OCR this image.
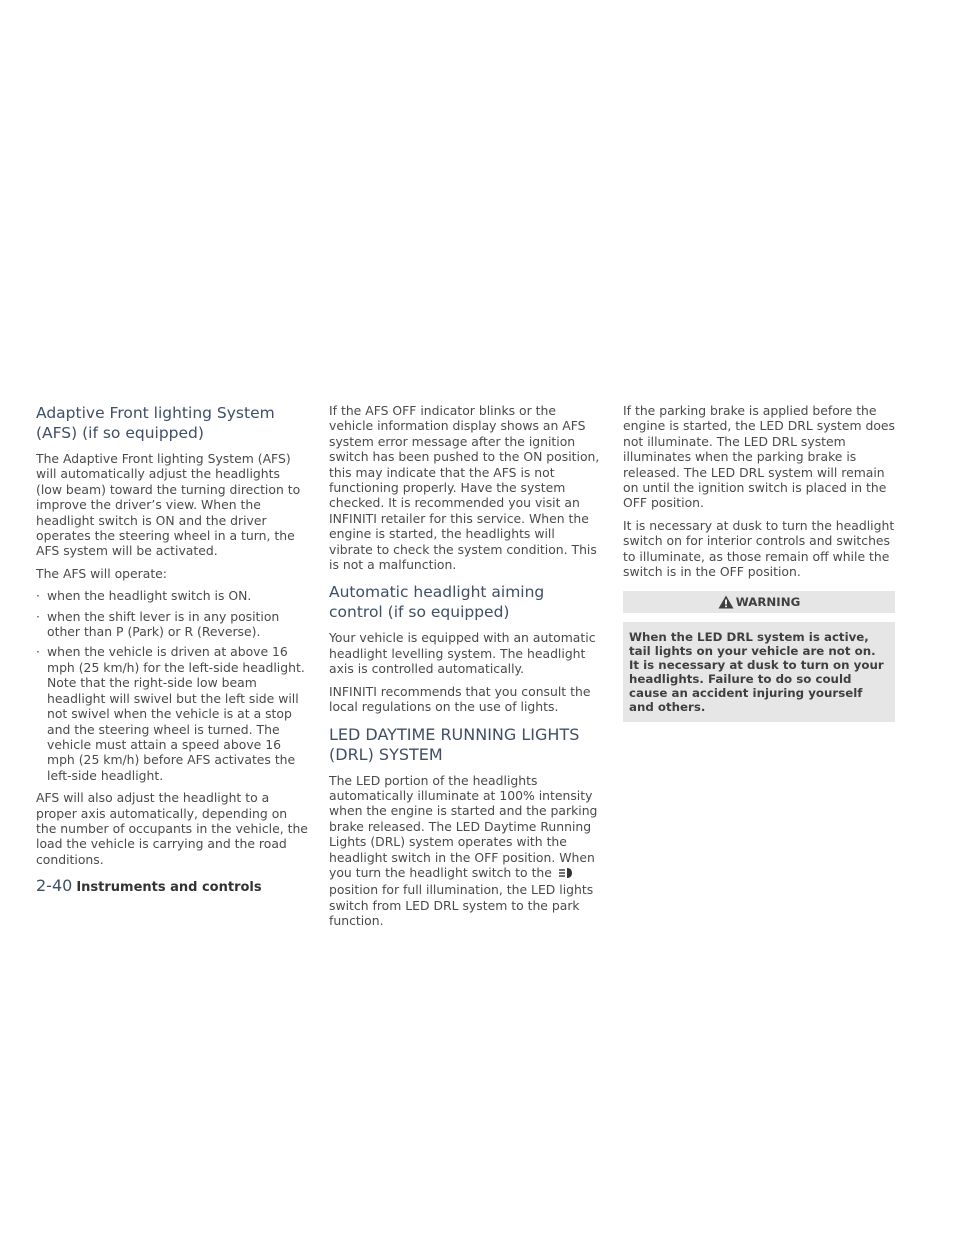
Adaptive Front lighting System (AFS) (if so equipped)

The Adaptive Front lighting System (AFS) will automatically adjust the headlights (low beam) toward the turning direction to improve the driver’s view. When the headlight switch is ON and the driver operates the steering wheel in a turn, the AFS system will be activated.

The AFS will operate:

· when the headlight switch is ON.
· when the shift lever is in any position other than P (Park) or R (Reverse).
· when the vehicle is driven at above 16 mph (25 km/h) for the left-side headlight. Note that the right-side low beam headlight will swivel but the left side will not swivel when the vehicle is at a stop and the steering wheel is turned. The vehicle must attain a speed above 16 mph (25 km/h) before AFS activates the left-side headlight.

AFS will also adjust the headlight to a proper axis automatically, depending on the number of occupants in the vehicle, the load the vehicle is carrying and the road conditions.

If the AFS OFF indicator blinks or the vehicle information display shows an AFS system error message after the ignition switch has been pushed to the ON position, this may indicate that the AFS is not functioning properly. Have the system checked. It is recommended you visit an INFINITI retailer for this service. When the engine is started, the headlights will vibrate to check the system condition. This is not a malfunction.

Automatic headlight aiming control (if so equipped)

Your vehicle is equipped with an automatic headlight levelling system. The headlight axis is controlled automatically.

INFINITI recommends that you consult the local regulations on the use of lights.

LED DAYTIME RUNNING LIGHTS (DRL) SYSTEM

The LED portion of the headlights automatically illuminate at 100% intensity when the engine is started and the parking brake released. The LED Daytime Running Lights (DRL) system operates with the headlight switch in the OFF position. When you turn the headlight switch to theposition for full illumination, the LED lights switch from LED DRL system to the park function.

If the parking brake is applied before the engine is started, the LED DRL system does not illuminate. The LED DRL system illuminates when the parking brake is released. The LED DRL system will remain on until the ignition switch is placed in the OFF position.

It is necessary at dusk to turn the headlight switch on for interior controls and switches to illuminate, as those remain off while the switch is in the OFF position.

WARNING
When the LED DRL system is active, tail lights on your vehicle are not on. It is necessary at dusk to turn on your headlights. Failure to do so could cause an accident injuring yourself and others.
2-40 Instruments and controls
